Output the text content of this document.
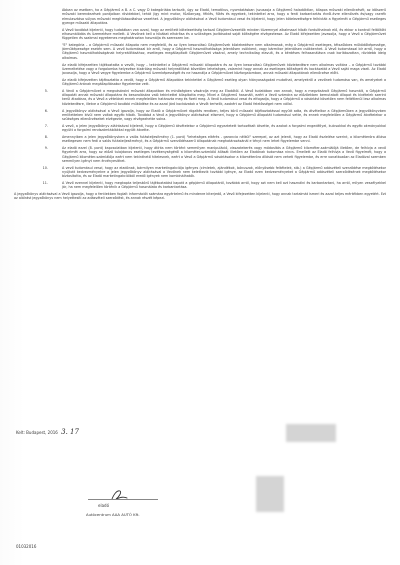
Abban az esetben, ha a Gépjármű a B. a C. vagy D kategóriába tartozik, úgy az Eladó, tematikus, nyomtatásban (szuszoja a Gépjármű haladóktlan, állapos műszaki ellenőrzését, az időszerű műszaki berendezések pontjaiban rövidebbel, tehát (így mint motor, fűzőanyag, féklés, fűtés és egyebek, tekintettel arra, hogy a fenti karbantartás évről-évre ellenőrzés és/vagy cserék elmulasztása súlyos műszaki meghibásodáshoz vezethet. A jegyzőkönyv aláírásával a Vevő tudomásul veszi és kijelenti, hogy jelen kötelezettségre felhívták a figyelmét a Gépjármű esetleges gyenge műszaki állapotára.

A Vevő továbbá kijelenti, hogy tudatában van azzal, hogy az említett kötelezettség tartozó Gépjárművezetők minden tüzemnyel alkalmazzi hibák fordulthatnak elő, és ekkor a kontroll feltöltött elhasználódás és üzemelésre mellett. A Vevőnek kell a hibákat elhárítsa és a szükséges javításokat saját költségére elvégeztesse. Az Eladó kifejezetten javasolja, hogy a Vevő a Gépjárművet független és szakmai egyetemes meghatároztan használja és szerezzen be.

"E" kategória – a Gépjármű műszaki állapota nem megfelelő, és az ilyen besorolású Gépjárművek közlekedésre nem alkalmasak, még a Gépjármű esetleges, tétszűbbes működőképessége, járműképessége esetén sem. A vevő tudomással bír arról, hogy a Gépjármű használhatósága jelentősen csökkent, vagy bármikor jelentősen csökkenhet. A Vevő tudomással bír arról, hogy a Gépjármű használhatóságának helyreállításához, esetleges megállapított Gépjárművet vásárol, amely technikailag elavult, és a kérdéses felhasználásra csak korlátozottan, rövidebb ideig alkalmas.

Az eladó kifejezetten tájékoztatta a vevőt, hogy – tekintettel a Gépjármű műszaki állapotára és az ilyen besorolású Gépjárművek közlekedésre nem alkalmas voltára – a Gépjármű további üzemeltetése vagy a forgalomba helyezése kizárólag műszaki helyreállítást követően lehetséges, valamint hogy annak az esetleges költségeit és kockázatát a Vevő saját maga viseli. Az Eladó javasolja, hogy a Vevő vegye figyelembe a Gépjármű üzemképességét és ne használja a Gépjárművet közforgalomban, annak műszaki állapotának ellenőrzése előtt.

Az eladó kifejezetten tájékoztatta a vevőt, hogy a Gépjármű állapotára tekintettel a Gépjármű esetleg olyan hiányosságokat mutathat, amelyekről a vevőnek tudomása van, és amelyeket a Gépjármű árának megállapításakor figyelembe vett.

5.	A Vevő a Gépjárművet a megvásárolni műszaki állapotban és minőségben vásárolja meg az Eladótól. A Vevő tudatában van annak, hogy a megvásárolt Gépjármű használt, a Gépjármű állapotát annak műszaki állapotára és besorolására való tekintettel állapította meg. Mivel a Gépjármű használt, ezért a Vevő számára az előzőekben bemutatott állapot és kivételek szerint kerül átadásra, és a Vevő a vételárat ennek megfelelően határozta meg és fizeti meg. A Vevő tudomásul veszi és elfogadja, hogy a Gépjármű a vásárlást követően nem feltétlenül lesz alkalmas közlekedésre, illetve a Gépjármű további működése és az azzal járó kockázatok a Vevőt terhelik, azokért az Eladó felelősséget nem vállal.
6.	A jegyzőkönyv aláírásával a Vevő igazolja, hogy az Eladó a Gépjárművet rögzítés rendben, teljes körű műszaki tájékoztatással együtt adta, és átvételkor a Gépjárműben a jegyzőkönyvben említetteken kívül nem voltak egyéb hibák. Továbbá a Vevő a jegyzőkönyv aláírásával elismeri, hogy a Gépjármű állapotát tudomásul vette, és ennek megfelelően a Gépjármű átvételekor a szükséges ellenőrzéseket elvégezte, vagy elvégezhette volna.
7.	A vevő, a jelen jegyzőkönyv aláírásával kijelenti, hogy a Gépjármű átvételekor a Gépjármű egyeztetett tartozékait átvette, és azokat a forgalmi engedéllyel, kulcsokkal és egyéb okmányokkal együtt a forgalmi rendszámtáblákkal együtt átvette.
8.	Amennyiben a jelen jegyzőkönyvben a valós futásteljesítmény (1. pont) "lehetséges eltérés - garancia nélkül" szerepel, az azt jelenti, hogy az Eladó észlelése szerint, a kilométeróra állása esetlegesen nem fedi a valós futásteljesítményt, és a Gépjármű szerződésszerű állapotának meghatározásánál e tényt nem lehet figyelembe venni.
9.	Az eladó ezzel (8. pont) kapcsolatban kijelenti, hogy átírás nem történt semmilyen manipuláció, visszatekerés vagy módosítás a Gépjármű kilométer-számlálójá illetően, de felhívja a vevő figyelmét arra, hogy az előző tulajdonos esetleges tevékenységéről a kilométer-számláló állását illetően az Eladónak tudomása nincs. Emellett az Eladó felhívja a Vevő figyelmét, hogy a Gépjármű kilométer-számlálója ezért nem tekinthető hitelesnek, ezért a Vevő a Gépjármű vásárlásakor a kilométeróra állását nem veheti figyelembe, és erre vonatkozóan az Eladóval szemben semmilyen igényt nem érvényesíthet.
10.	A vevő tudomásul veszi, hogy az eladónak, bármilyen marketingakciója igényes (címletek, ajándékok, bónuszok, előnyösebb feltételek, stb.) a Gépjármű adásvételi szerződése megkötésekor nyújtott kedvezményekre a jelen jegyzőkönyv aláírásával a Vevőnek nem keletkezik további igénye, az Eladó ezen kedvezményeket a Gépjármű adásvételi szerződésének megkötésekor biztosította, és az Eladó marketingakcióiból eredő igények nem kombinálhatók.
11.	A Vevő ezennel kijelenti, hogy megkapta teljeskörű tájékoztatást kapott a gépjármű állapotáról, továbbá arról, hogy azt nem kell azt használni és karbantartani, ha arról, milyen veszélyekkel jár, ha nem megfelelően történik a Gépjármű használata és karbantartása.

A jegyzőkönyv aláírásával a Vevő igazolja, hogy a fentiekben foglalt információt számára egyértelmű és mindenre kiterjedő, a Vevő kifejezetten kijelenti, hogy annak tartalmát ismeri és azzal teljes mértékben egyetért. Ezt az aláírást jegyzőkönyv nem helyettesíti az adásvételi szerződést, és annak részét képezi.

Kelt: Budapest, 2016 3. 17
eladó
Autócentrum AAA AUTÓ Kft.
01032016
